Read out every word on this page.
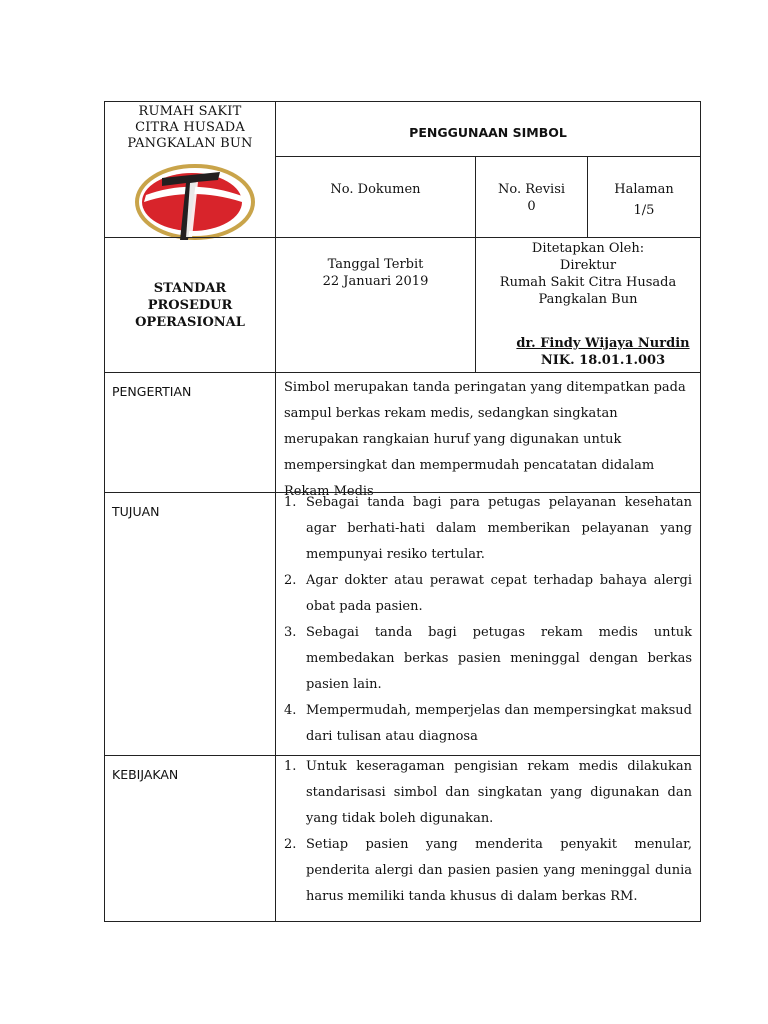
RUMAH SAKIT
CITRA HUSADA
PANGKALAN BUN
PENGGUNAAN SIMBOL
No. Dokumen	No. Revisi
0
Halaman
1/5
STANDAR
PROSEDUR
OPERASIONAL
Tanggal Terbit
22 Januari 2019
Ditetapkan Oleh:
Direktur
Rumah Sakit Citra Husada
Pangkalan Bun
dr. Findy Wijaya Nurdin
NIK. 18.01.1.003
PENGERTIAN	Simbol merupakan tanda peringatan yang ditempatkan pada sampul berkas rekam medis, sedangkan singkatan merupakan rangkaian huruf yang digunakan untuk mempersingkat dan mempermudah pencatatan didalam Rekam Medis
TUJUAN
1. Sebagai tanda bagi para petugas pelayanan kesehatan agar berhati-hati dalam memberikan pelayanan yang mempunyai resiko tertular.
2. Agar dokter atau perawat cepat terhadap bahaya alergi obat pada pasien.
3. Sebagai tanda bagi petugas rekam medis untuk membedakan berkas pasien meninggal dengan berkas pasien lain.
4. Mempermudah, memperjelas dan mempersingkat maksud dari tulisan atau diagnosa
KEBIJAKAN
1. Untuk keseragaman pengisian rekam medis dilakukan standarisasi simbol dan singkatan yang digunakan dan yang tidak boleh digunakan.
2. Setiap pasien yang menderita penyakit menular, penderita alergi dan pasien pasien yang meninggal dunia harus memiliki tanda khusus di dalam berkas RM.
